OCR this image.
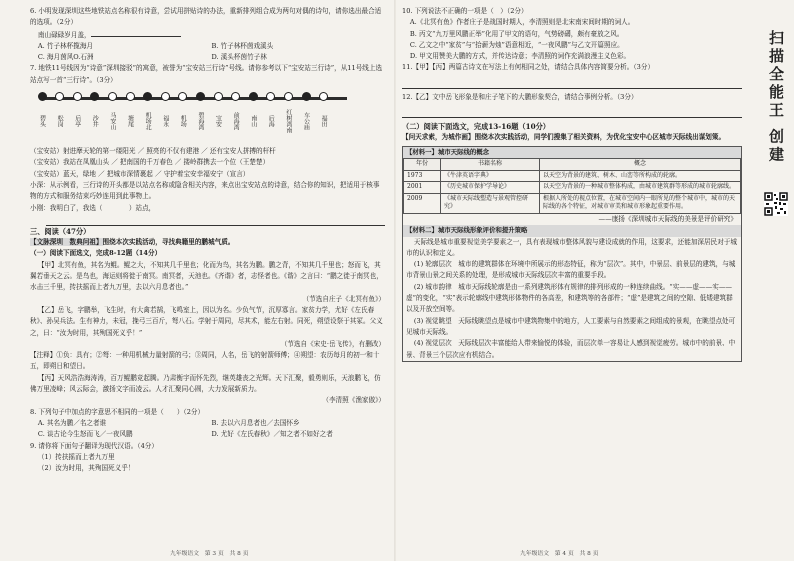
6. 小明发现深圳这些地铁站点名称很有诗意，尝试用拼贴诗的办法，重新排列组合成为两句对偶的诗句，请你选出最合适的选项。（2分）

南山碌碌岁月盖，

A. 竹子林杯揽海月	B. 竹子林杯茵戏溪头
C. 海月茵风O.石洲	D. 溪头杯茵竹子林

7. 地铁11号线因为“诗意”深圳接驳”的寓意，被誉为“宝安站三行诗”号线。请你参考以下“宝安站三行诗”，从11号线上选站点写一首“三行诗”。（3分）

碧头 松岗 后亭 沙井 马安山 塘尾 机场北 福永 机场 碧海湾 宝安 前海湾 南山 后海 红树湾南 车公庙 福田

（宝安站）射进摩天轮的第一缕阳光 ／ 照亮的不仅有建港 ／ 还有宝安人拼搏的杆杆

（宝安站）我站在凤凰山头 ／ 把南国的千万春色 ／ 搂岭群携去一个位（王楚楚）

（宝安站）蓝天，绿地 ／ 把城市深情裹起 ／ 守护着宝安幸福安宁（宣言）

小深：从示例看，三行诗的开头都是以站点名称或隐含相关内容，来点出宝安站点的诗意，结合你的知识，把适用于核事物的方式和服务结束巧妙连用到此事物上。

小刚：我明白了，我选（　　　　）站点，

三、阅读（47分）

【文脉深圳　数典问祖】围绕本次实践活动，寻找典籍里的鹏城气质。

（一）阅读下面选文，完成8-12题（14分）

【甲】北冥有鱼，其名为鲲。鲲之大，不知其几千里也；化而为鸟，其名为鹏。鹏之背，不知其几千里也；怒而飞，其翼若垂天之云。是鸟也，海运则将徙于南冥。南冥者，天池也。《齐谐》者，志怪者也。《谐》之言曰：“鹏之徙于南冥也，水击三千里，抟扶摇而上者九万里，去以六月息者也。”

（节选自庄子《北冥有鱼》）

【乙】岳飞，字鹏举，飞生时，有大禽若鹄，飞鸣室上，因以为名。少负气节，沉厚寡言。家贫力学，尤好《左氏春秋》、孙吴兵法。生有神力，未冠，挽弓三百斤，弩八石。学射于周同，尽其术，能左右射。同死，朔望设祭于其冢。父义之，曰：“汝为时用，其殉国死义乎！”

（节选自《宋史·岳飞传》，有删改）

【注释】①负：具有；②弩：一种用机械力量射箭的弓；③周同，人名，岳飞的射箭师傅；④朔望：农历每月的初一和十五，即朔日和望日。

【丙】天风浩浩海涛涛，百万鲲鹏竞起腾。乃肃衡宇而怀先烈，继英雄丧之光辉。天下汇聚，毅勇则乐，天浪鹏飞，仿佛万里凌峰；风云际会，激扬文字而凌云。人才汇聚同心圆，大力发展新质力。

（李清照《渔家傲》）

8. 下列句子中加点的字意思不相同的一项是（　　）（2分）

A. 其名为鹏／名之者谁	B. 去以六月息者也／去国怀乡
C. 谈古论今生怒而飞／一夜风鹏	D. 尤好《左氏春秋》／知之者不如好之者

9. 请你将下面句子翻译为现代汉语。（4分）

（1）抟扶摇而上者九万里

（2）汝为时用，其殉国死义乎！

九年级语文　第 3 页　共 8 页

10. 下列说法不正确的一项是（　）（2分）

A.《北冥有鱼》作者庄子是战国时期人，李清照则是北宋南宋间时期的词人。

B. 丙文“九万里风鹏正举”化用了甲文的语句，气势磅礴，颇有豪放之风。

C. 乙文之中“家贫”与“拾薪为烛”语意相近，“一夜风鹏”与乙文开篇照应。

D. 甲文用赞美大鹏的方式，并传达诗意；李清照的词作充满浪漫主义色彩。

11.【甲】【丙】两篇古诗文在写法上有何相同之处，请结合具体内容简要分析。（3分）

12.【乙】文中岳飞形象是和庄子笔下的大鹏形象契合，请结合事例分析。（3分）

（二）阅读下面选文，完成13-16题（10分）

【问天求索，为城作画】围绕本次实践活动，同学们搜集了相关资料，为优化宝安中心区城市天际线出谋划策。

【材料一】城市天际线的概念
年份	书籍名称	概念
1973	《牛津英语字典》	以天空为背景的建筑、树木、山峦等所构成的轮廓。
2001	《历史城市保护学导论》	以天空为背景的一种城市整体构成，由城市建筑群等形成的城市轮廓线。
2009	《城市天际线塑造与景观管控研究》	根据人所处的视点位置，在城市空间内一眼所见的整个城市中，城市的天际线的各个特征，对城市审美和城市形象起重要作用。

——康扬《深圳城市天际线的美景是评价研究》

【材料二】城市天际线形象评价和提升策略

天际线是城市重要视觉美学要素之一，具有表现城市整体风貌与建设成就的作用，这要求，还能加深居民对于城市的认识和定义。

(1) 轮廓层次　城市的建筑群体在环境中所展示的形态特征，称为“层次”。其中，中景层、前景层的建筑，与城市背景山景之间关系的处理，是形成城市天际线层次丰富的重要手段。

(2) 城市韵律　城市天际线轮廓是由一系列建筑形体有规律的排列形成的一种连续曲线。“实——虚——实——虚”的变化，“实”表示轮廓线中建筑形体物件的各高差，和建筑等的各部件；“虚”是建筑之间的空隙、低矮建筑群以及开放空间等。

(3) 视觉眺望　天际线眺望点是城市中建筑物集中的地方，人工要素与自然要素之间组成的景观，在眺望点处可见城市天际线。

(4) 视觉层次　天际线层次丰富能给人带来愉悦的体验，而层次单一容易让人感到视觉疲劳。城市中的前景、中景、背景三个层次应有机结合。

九年级语文　第 4 页　共 8 页
扫描全能王 创建
